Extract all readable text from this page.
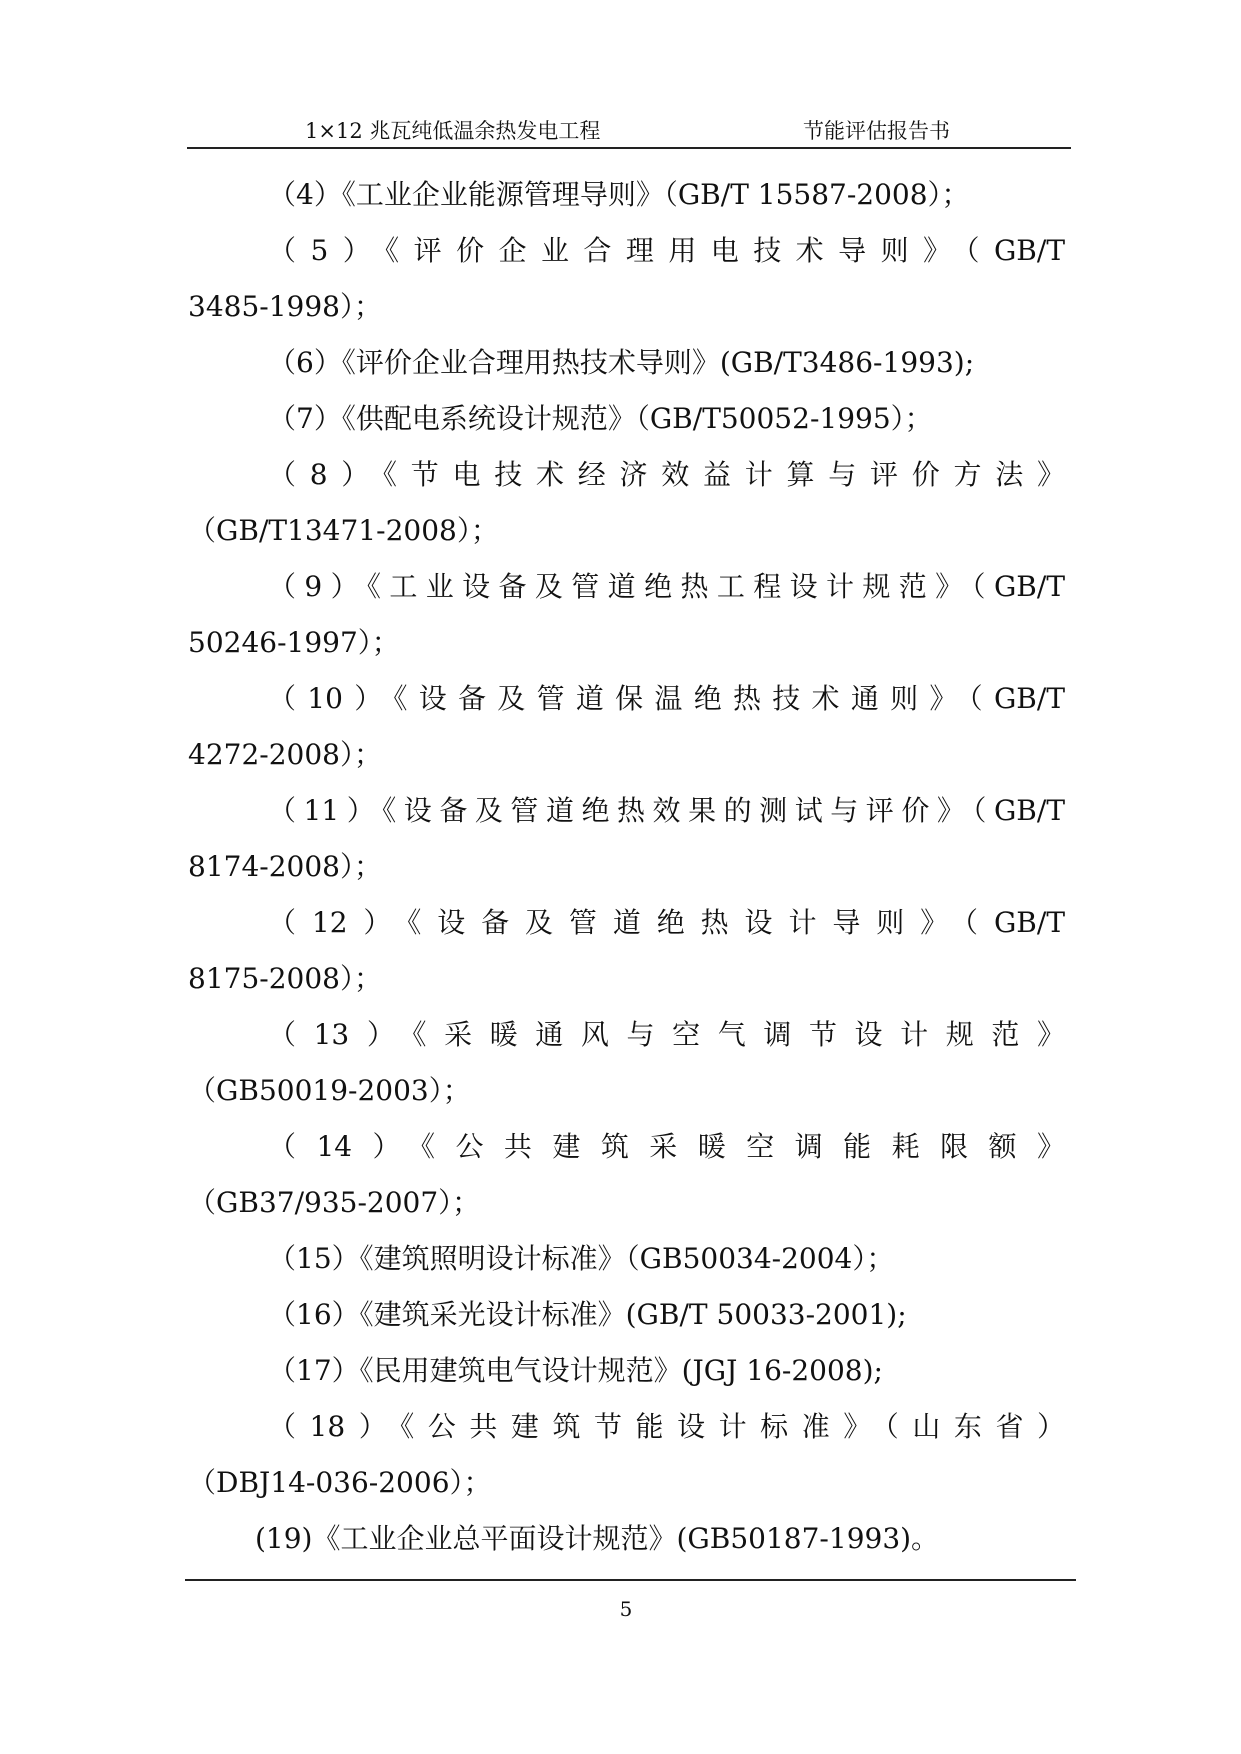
1×12 兆瓦纯低温余热发电工程	节能评估报告书
（4）《工业企业能源管理导则》（GB/T 15587-2008）；
（5）《评价企业合理用电技术导则》（GB/T
3485-1998）；
（6）《评价企业合理用热技术导则》(GB/T3486-1993);
（7）《供配电系统设计规范》（GB/T50052-1995）；
（8）《节电技术经济效益计算与评价方法》
（GB/T13471-2008）；
（9）《工业设备及管道绝热工程设计规范》（GB/T
50246-1997）；
（10）《设备及管道保温绝热技术通则》（GB/T
4272-2008）；
（11）《设备及管道绝热效果的测试与评价》（GB/T
8174-2008）；
（12）《设备及管道绝热设计导则》（GB/T
8175-2008）；
（13）《采暖通风与空气调节设计规范》
（GB50019-2003）；
（14）《公共建筑采暖空调能耗限额》
（GB37/935-2007）；
（15）《建筑照明设计标准》（GB50034-2004）；
（16）《建筑采光设计标准》(GB/T 50033-2001);
（17）《民用建筑电气设计规范》(JGJ 16-2008);
（18）《公共建筑节能设计标准》（山东省）
（DBJ14-036-2006）；
(19)《工业企业总平面设计规范》(GB50187-1993)。
5
